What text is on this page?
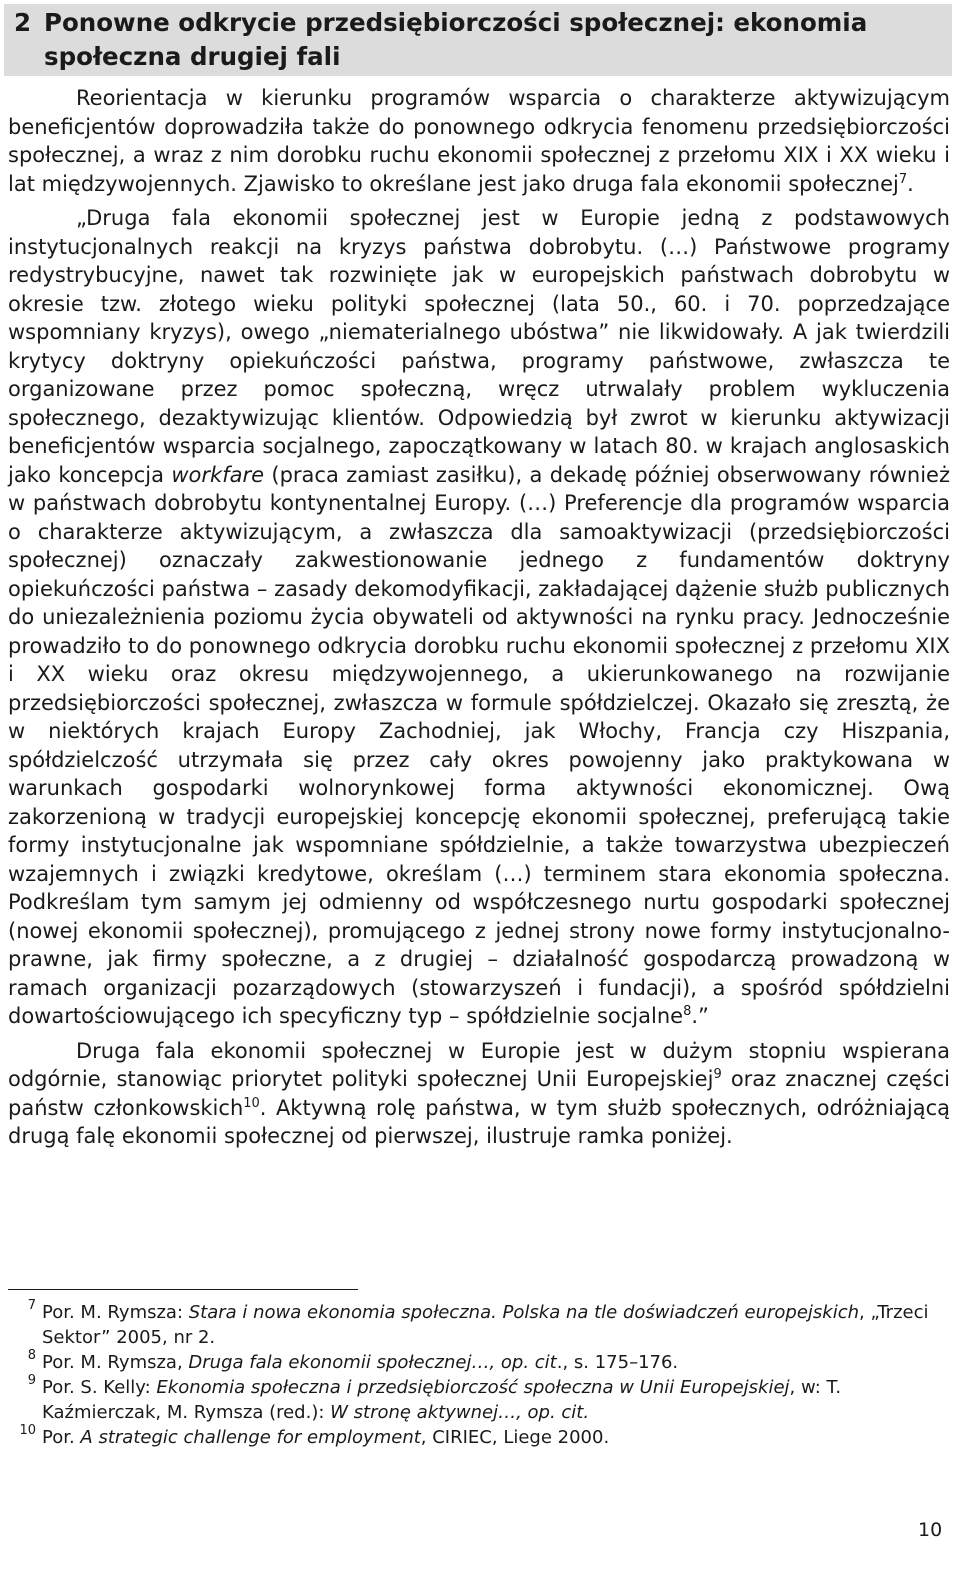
2 Ponowne odkrycie przedsiębiorczości społecznej: ekonomia społeczna drugiej fali

Reorientacja w kierunku programów wsparcia o charakterze aktywizującym beneficjentów doprowadziła także do ponownego odkrycia fenomenu przedsiębiorczości społecznej, a wraz z nim dorobku ruchu ekonomii społecznej z przełomu XIX i XX wieku i lat międzywojennych. Zjawisko to określane jest jako druga fala ekonomii społecznej$^7$.

„Druga fala ekonomii społecznej jest w Europie jedną z podstawowych instytucjonalnych reakcji na kryzys państwa dobrobytu. (…) Państwowe programy redystrybucyjne, nawet tak rozwinięte jak w europejskich państwach dobrobytu w okresie tzw. złotego wieku polityki społecznej (lata 50., 60. i 70. poprzedzające wspomniany kryzys), owego „niematerialnego ubóstwa” nie likwidowały. A jak twierdzili krytycy doktryny opiekuńczości państwa, programy państwowe, zwłaszcza te organizowane przez pomoc społeczną, wręcz utrwalały problem wykluczenia społecznego, dezaktywizując klientów. Odpowiedzią był zwrot w kierunku aktywizacji beneficjentów wsparcia socjalnego, zapoczątkowany w latach 80. w krajach anglosaskich jako koncepcja workfare (praca zamiast zasiłku), a dekadę później obserwowany również w państwach dobrobytu kontynentalnej Europy. (…) Preferencje dla programów wsparcia o charakterze aktywizującym, a zwłaszcza dla samoaktywizacji (przedsiębiorczości społecznej) oznaczały zakwestionowanie jednego z fundamentów doktryny opiekuńczości państwa – zasady dekomodyfikacji, zakładającej dążenie służb publicznych do uniezależnienia poziomu życia obywateli od aktywności na rynku pracy. Jednocześnie prowadziło to do ponownego odkrycia dorobku ruchu ekonomii społecznej z przełomu XIX i XX wieku oraz okresu międzywojennego, a ukierunkowanego na rozwijanie przedsiębiorczości społecznej, zwłaszcza w formule spółdzielczej. Okazało się zresztą, że w niektórych krajach Europy Zachodniej, jak Włochy, Francja czy Hiszpania, spółdzielczość utrzymała się przez cały okres powojenny jako praktykowana w warunkach gospodarki wolnorynkowej forma aktywności ekonomicznej. Ową zakorzenioną w tradycji europejskiej koncepcję ekonomii społecznej, preferującą takie formy instytucjonalne jak wspomniane spółdzielnie, a także towarzystwa ubezpieczeń wzajemnych i związki kredytowe, określam (…) terminem stara ekonomia społeczna. Podkreślam tym samym jej odmienny od współczesnego nurtu gospodarki społecznej (nowej ekonomii społecznej), promującego z jednej strony nowe formy instytucjonalno-prawne, jak firmy społeczne, a z drugiej – działalność gospodarczą prowadzoną w ramach organizacji pozarządowych (stowarzyszeń i fundacji), a spośród spółdzielni dowartościowującego ich specyficzny typ – spółdzielnie socjalne$^8$.”

Druga fala ekonomii społecznej w Europie jest w dużym stopniu wspierana odgórnie, stanowiąc priorytet polityki społecznej Unii Europejskiej$^9$ oraz znacznej części państw członkowskich$^{10}$. Aktywną rolę państwa, w tym służb społecznych, odróżniającą drugą falę ekonomii społecznej od pierwszej, ilustruje ramka poniżej.

7 Por. M. Rymsza: Stara i nowa ekonomia społeczna. Polska na tle doświadczeń europejskich, „Trzeci Sektor” 2005, nr 2.
8 Por. M. Rymsza, Druga fala ekonomii społecznej…, op. cit., s. 175–176.
9 Por. S. Kelly: Ekonomia społeczna i przedsiębiorczość społeczna w Unii Europejskiej, w: T. Kaźmierczak, M. Rymsza (red.): W stronę aktywnej…, op. cit.
10 Por. A strategic challenge for employment, CIRIEC, Liege 2000.
10
